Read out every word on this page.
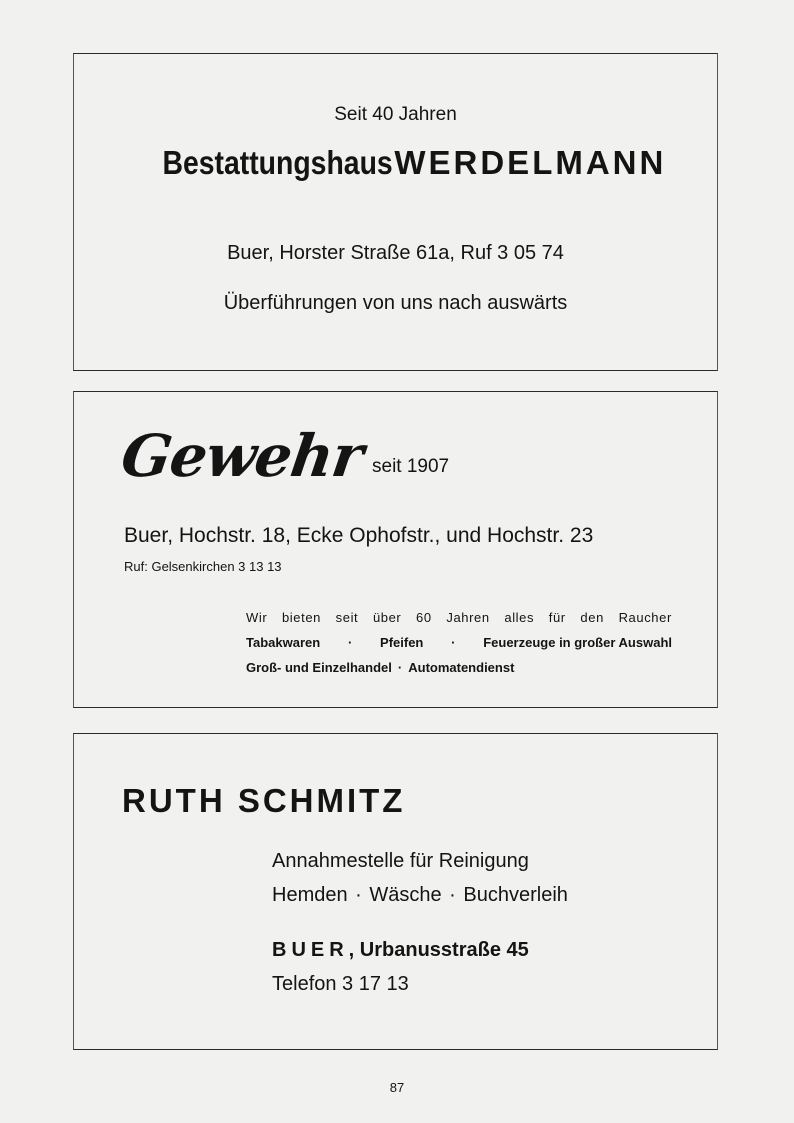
Seit 40 Jahren
BestattungshausWERDELMANN
Buer, Horster Straße 61a, Ruf 3 05 74
Überführungen von uns nach auswärts
Gewehr seit 1907
Buer, Hochstr. 18, Ecke Ophofstr., und Hochstr. 23
Ruf: Gelsenkirchen 3 13 13
Wir bieten seit über 60 Jahren alles für den Raucher
Tabakwaren · Pfeifen · Feuerzeuge in großer Auswahl
Groß- und Einzelhandel · Automatendienst
RUTH SCHMITZ
Annahmestelle für Reinigung
Hemden · Wäsche · Buchverleih
BUER, Urbanusstraße 45
Telefon 3 17 13
87
